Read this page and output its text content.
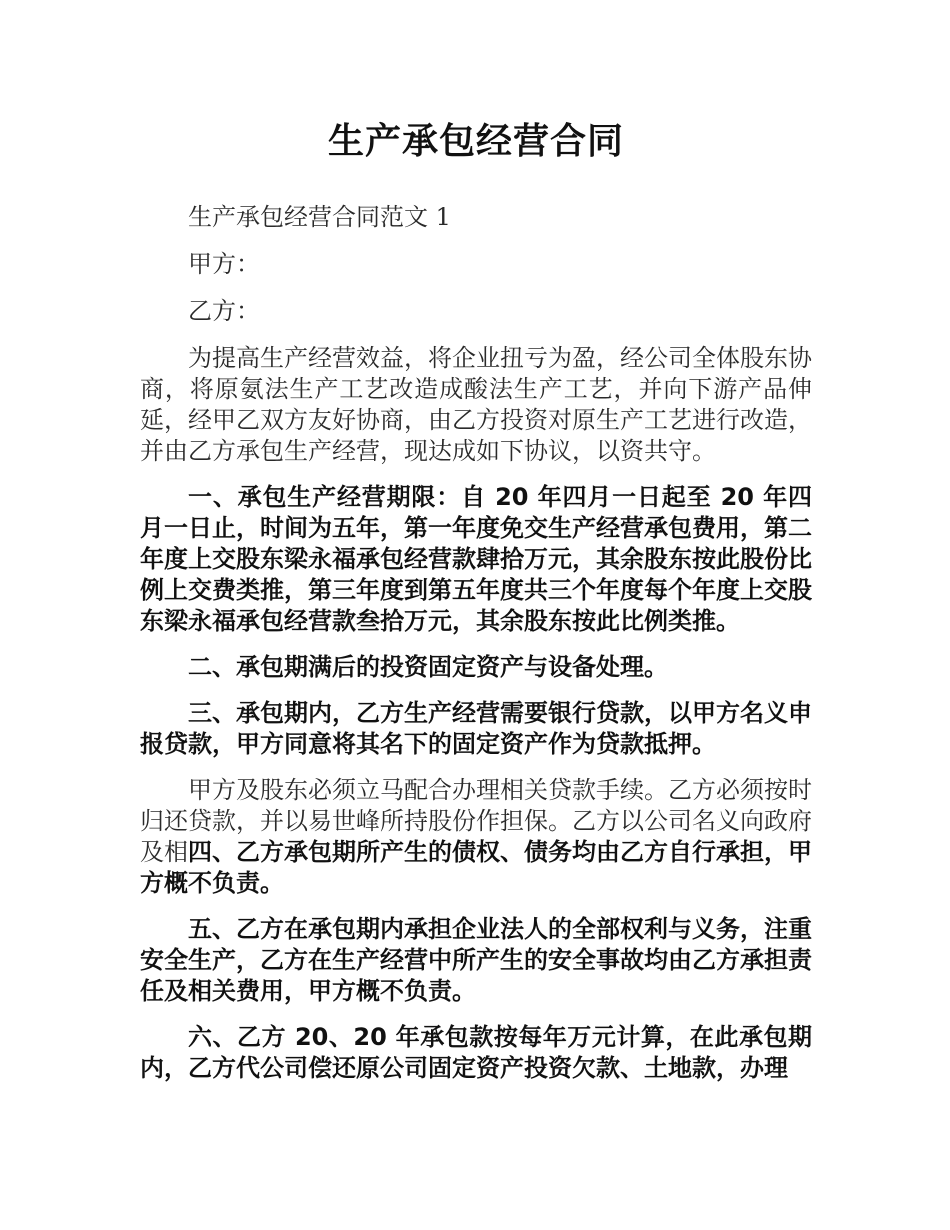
生产承包经营合同

生产承包经营合同范文 1

甲方：

乙方：

为提高生产经营效益，将企业扭亏为盈，经公司全体股东协商，将原氨法生产工艺改造成酸法生产工艺，并向下游产品伸延，经甲乙双方友好协商，由乙方投资对原生产工艺进行改造，并由乙方承包生产经营，现达成如下协议，以资共守。

一、承包生产经营期限：自 20 年四月一日起至 20 年四月一日止，时间为五年，第一年度免交生产经营承包费用，第二年度上交股东梁永福承包经营款肆拾万元，其余股东按此股份比例上交费类推，第三年度到第五年度共三个年度每个年度上交股东梁永福承包经营款叁拾万元，其余股东按此比例类推。

二、承包期满后的投资固定资产与设备处理。

三、承包期内，乙方生产经营需要银行贷款，以甲方名义申报贷款，甲方同意将其名下的固定资产作为贷款抵押。

甲方及股东必须立马配合办理相关贷款手续。乙方必须按时归还贷款，并以易世峰所持股份作担保。乙方以公司名义向政府及相四、乙方承包期所产生的债权、债务均由乙方自行承担，甲方概不负责。

五、乙方在承包期内承担企业法人的全部权利与义务，注重安全生产，乙方在生产经营中所产生的安全事故均由乙方承担责任及相关费用，甲方概不负责。

六、乙方 20、20 年承包款按每年万元计算，在此承包期内，乙方代公司偿还原公司固定资产投资欠款、土地款，办理
